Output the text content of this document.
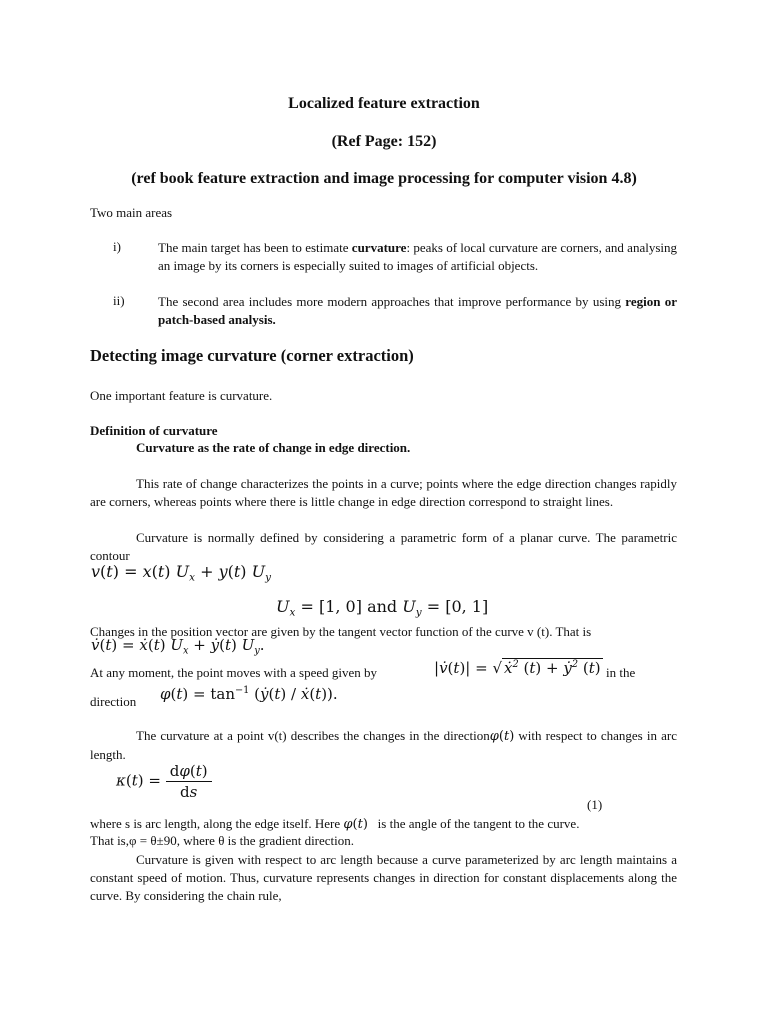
Localized feature extraction
(Ref Page: 152)
(ref book feature extraction and image processing for computer vision 4.8)
Two main areas
i)	The main target has been to estimate curvature: peaks of local curvature are corners, and analysing an image by its corners is especially suited to images of artificial objects.
ii)	The second area includes more modern approaches that improve performance by using region or patch-based analysis.
Detecting image curvature (corner extraction)
One important feature is curvature.
Definition of curvature
Curvature as the rate of change in edge direction.
This rate of change characterizes the points in a curve; points where the edge direction changes rapidly are corners, whereas points where there is little change in edge direction correspond to straight lines.
Curvature is normally defined by considering a parametric form of a planar curve. The parametric contour
v(t) = x(t) $U_x + y(t)$ $U_y$
$U_x = [1$, 0] and $U_y = [0$, 1]
Changes in the position vector are given by the tangent vector function of the curve v (t). That is
v̇(t) = ẋ(t) $U_x$ + ẏ(t) $U_y$.
At any moment, the point moves with a speed given by	|v̇(t)| = √ ẋ$^2$ (t) + ẏ$^2$ (t) in the
direction $\varphi(t) = \tan^{-1}$ (ẏ(t) / ẋ(t)).
The curvature at a point v(t) describes the changes in the directionφ(t) with respect to changes in arc length.
$\kappa(t) = \frac{d\varphi(t)}{ds}$
(1)
where s is arc length, along the edge itself. Here φ(t) is the angle of the tangent to the curve.
That is,φ = θ±90, where θ is the gradient direction.
Curvature is given with respect to arc length because a curve parameterized by arc length maintains a constant speed of motion. Thus, curvature represents changes in direction for constant displacements along the curve. By considering the chain rule,
